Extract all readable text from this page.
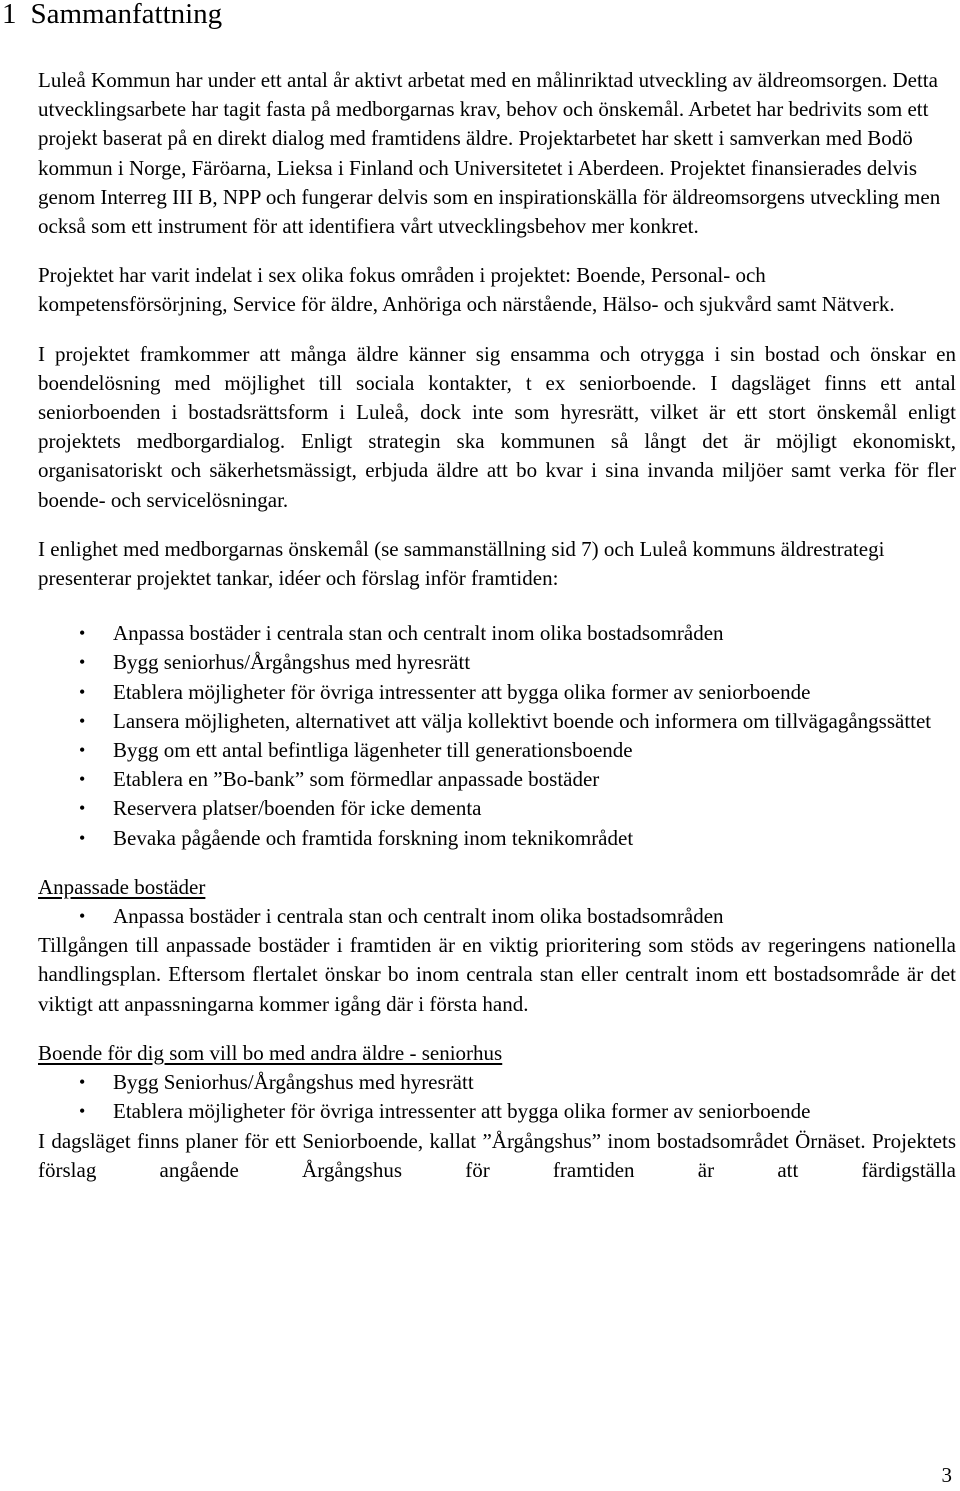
1 Sammanfattning

Luleå Kommun har under ett antal år aktivt arbetat med en målinriktad utveckling av äldreomsorgen. Detta utvecklingsarbete har tagit fasta på medborgarnas krav, behov och önskemål. Arbetet har bedrivits som ett projekt baserat på en direkt dialog med framtidens äldre. Projektarbetet har skett i samverkan med Bodö kommun i Norge, Färöarna, Lieksa i Finland och Universitetet i Aberdeen. Projektet finansierades delvis genom Interreg III B, NPP och fungerar delvis som en inspirationskälla för äldreomsorgens utveckling men också som ett instrument för att identifiera vårt utvecklingsbehov mer konkret.

Projektet har varit indelat i sex olika fokus områden i projektet: Boende, Personal- och kompetensförsörjning, Service för äldre, Anhöriga och närstående, Hälso- och sjukvård samt Nätverk.

I projektet framkommer att många äldre känner sig ensamma och otrygga i sin bostad och önskar en boendelösning med möjlighet till sociala kontakter, t ex seniorboende. I dagsläget finns ett antal seniorboenden i bostadsrättsform i Luleå, dock inte som hyresrätt, vilket är ett stort önskemål enligt projektets medborgardialog. Enligt strategin ska kommunen så långt det är möjligt ekonomiskt, organisatoriskt och säkerhetsmässigt, erbjuda äldre att bo kvar i sina invanda miljöer samt verka för fler boende- och servicelösningar.

I enlighet med medborgarnas önskemål (se sammanställning sid 7) och Luleå kommuns äldrestrategi presenterar projektet tankar, idéer och förslag inför framtiden:

• Anpassa bostäder i centrala stan och centralt inom olika bostadsområden
• Bygg seniorhus/Årgångshus med hyresrätt
• Etablera möjligheter för övriga intressenter att bygga olika former av seniorboende
• Lansera möjligheten, alternativet att välja kollektivt boende och informera om tillvägagångssättet
• Bygg om ett antal befintliga lägenheter till generationsboende
• Etablera en ”Bo-bank” som förmedlar anpassade bostäder
• Reservera platser/boenden för icke dementa
• Bevaka pågående och framtida forskning inom teknikområdet
Anpassade bostäder
• Anpassa bostäder i centrala stan och centralt inom olika bostadsområden
Tillgången till anpassade bostäder i framtiden är en viktig prioritering som stöds av regeringens nationella handlingsplan. Eftersom flertalet önskar bo inom centrala stan eller centralt inom ett bostadsområde är det viktigt att anpassningarna kommer igång där i första hand.
Boende för dig som vill bo med andra äldre - seniorhus
• Bygg Seniorhus/Årgångshus med hyresrätt
• Etablera möjligheter för övriga intressenter att bygga olika former av seniorboende
I dagsläget finns planer för ett Seniorboende, kallat ”Årgångshus” inom bostadsområdet Örnäset. Projektets förslag angående Årgångshus för framtiden är att färdigställa
3
